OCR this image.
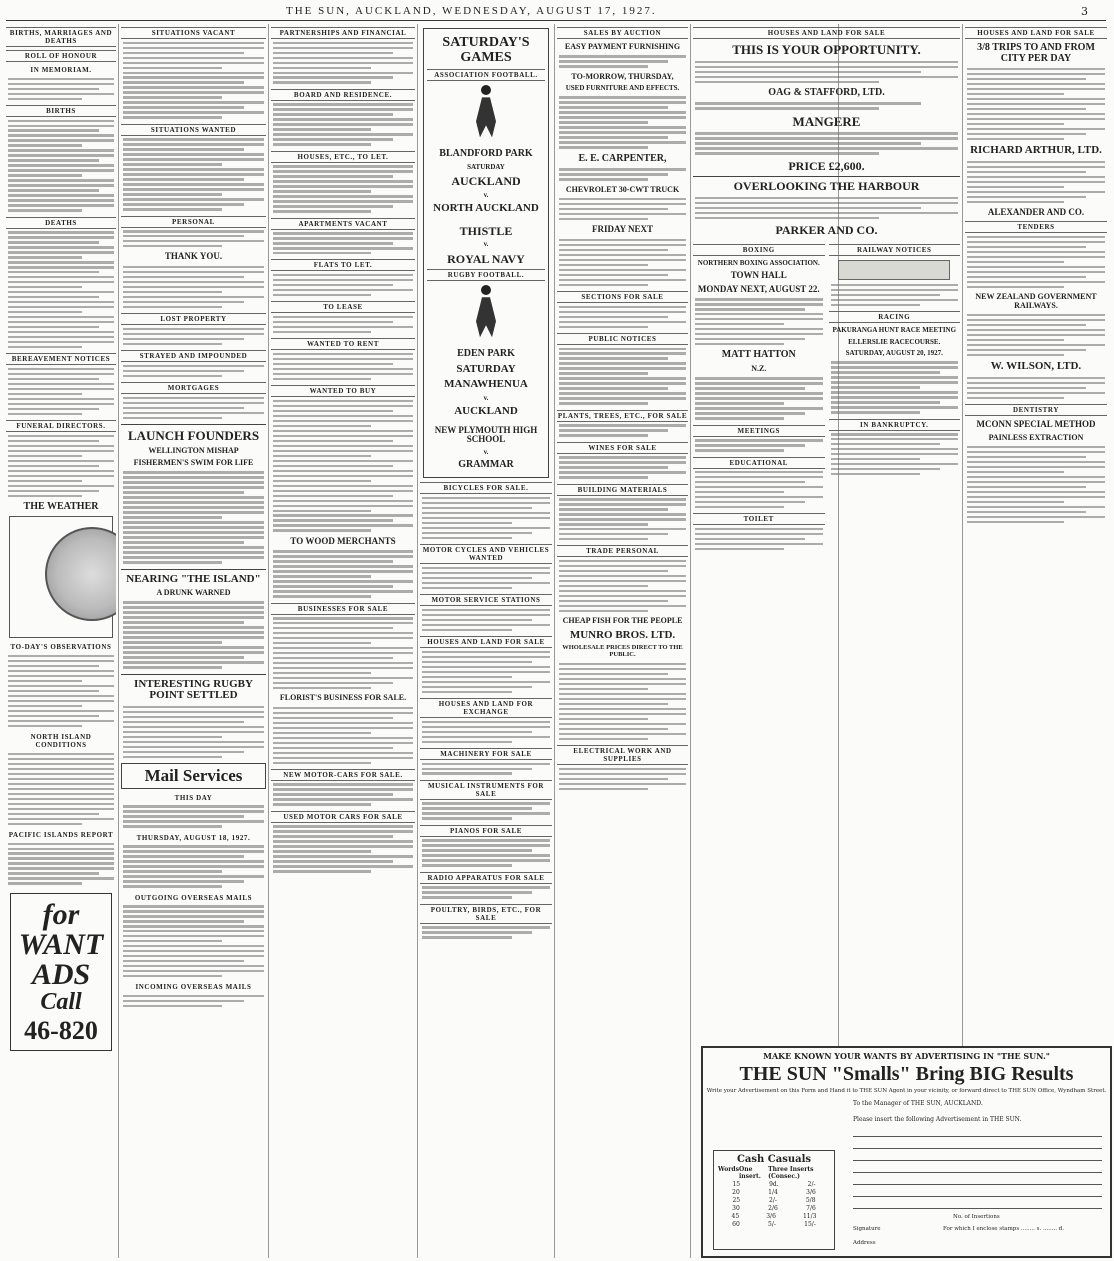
THE SUN, AUCKLAND, WEDNESDAY, AUGUST 17, 1927.	3
BIRTHS, MARRIAGES AND DEATHS
ROLL OF HONOUR
IN MEMORIAM.
BIRTHS
DEATHS
BEREAVEMENT NOTICES
FUNERAL DIRECTORS.
THE WEATHER
TO-DAY'S OBSERVATIONS
NORTH ISLAND CONDITIONS
PACIFIC ISLANDS REPORT
for WANT
ADS
Call
46-820
SITUATIONS VACANT
SITUATIONS WANTED
PERSONAL
THANK YOU.
LOST PROPERTY
STRAYED AND IMPOUNDED
MORTGAGES
LAUNCH FOUNDERS
WELLINGTON MISHAP
FISHERMEN'S SWIM FOR LIFE
NEARING "THE ISLAND"
A DRUNK WARNED
INTERESTING RUGBY POINT SETTLED
Mail Services
THIS DAY
THURSDAY, AUGUST 18, 1927.
OUTGOING OVERSEAS MAILS
INCOMING OVERSEAS MAILS
PARTNERSHIPS AND FINANCIAL
BOARD AND RESIDENCE.
HOUSES, ETC., TO LET.
APARTMENTS VACANT
FLATS TO LET.
TO LEASE
WANTED TO RENT
WANTED TO BUY
TO WOOD MERCHANTS
BUSINESSES FOR SALE
FLORIST'S BUSINESS FOR SALE.
NEW MOTOR-CARS FOR SALE.
USED MOTOR CARS FOR SALE
SATURDAY'S GAMES
ASSOCIATION FOOTBALL.
BLANDFORD PARK
SATURDAY
AUCKLAND
v.
NORTH AUCKLAND
THISTLE
v.
ROYAL NAVY
RUGBY FOOTBALL.
EDEN PARK
SATURDAY
MANAWHENUA
v.
AUCKLAND
NEW PLYMOUTH HIGH SCHOOL
v.
GRAMMAR
BICYCLES FOR SALE.
MOTOR CYCLES AND VEHICLES WANTED
MOTOR SERVICE STATIONS
HOUSES AND LAND FOR SALE
HOUSES AND LAND FOR EXCHANGE
MACHINERY FOR SALE
MUSICAL INSTRUMENTS FOR SALE
PIANOS FOR SALE
RADIO APPARATUS FOR SALE
POULTRY, BIRDS, ETC., FOR SALE
SALES BY AUCTION
EASY PAYMENT FURNISHING
TO-MORROW, THURSDAY,
USED FURNITURE AND EFFECTS.
E. E. CARPENTER,
CHEVROLET 30-CWT TRUCK
FRIDAY NEXT
SECTIONS FOR SALE
PUBLIC NOTICES
PLANTS, TREES, ETC., FOR SALE
WINES FOR SALE
BUILDING MATERIALS
TRADE PERSONAL
CHEAP FISH FOR THE PEOPLE
MUNRO BROS. LTD.
WHOLESALE PRICES DIRECT TO THE PUBLIC.
ELECTRICAL WORK AND SUPPLIES
HOUSES AND LAND FOR SALE
THIS IS YOUR OPPORTUNITY.
OAG & STAFFORD, LTD.
MANGERE
PRICE £2,600.
OVERLOOKING THE HARBOUR
PARKER AND CO.
BOXING
NORTHERN BOXING ASSOCIATION.
TOWN HALL
MONDAY NEXT, AUGUST 22.
MATT HATTON
N.Z.
MEETINGS
EDUCATIONAL
TOILET
RAILWAY NOTICES
RACING
PAKURANGA HUNT RACE MEETING
ELLERSLIE RACECOURSE.
SATURDAY, AUGUST 20, 1927.
IN BANKRUPTCY.
HOUSES AND LAND FOR SALE
3/8 TRIPS TO AND FROM CITY PER DAY
RICHARD ARTHUR, LTD.
ALEXANDER AND CO.
TENDERS
NEW ZEALAND GOVERNMENT RAILWAYS.
W. WILSON, LTD.
DENTISTRY
MCONN SPECIAL METHOD
PAINLESS EXTRACTION
MAKE KNOWN YOUR WANTS BY ADVERTISING IN "THE SUN."
THE SUN "Smalls" Bring BIG Results
Write your Advertisement on this Form and Hand it to THE SUN Agent in your vicinity, or forward direct to THE SUN Office, Wyndham Street.
To the Manager of THE SUN, AUCKLAND.
Please insert the following Advertisement in THE SUN.
Cash Casuals
Words One insert.
Three Inserts (Consec.)
15	9d.	2/-
20	1/4	3/6
25	2/-	5/8
30	2/6	7/6
45	3/6	11/3
60	5/-	15/-
No. of Insertions
Signature	For which I enclose stamps ........ s. ........ d.
Address
